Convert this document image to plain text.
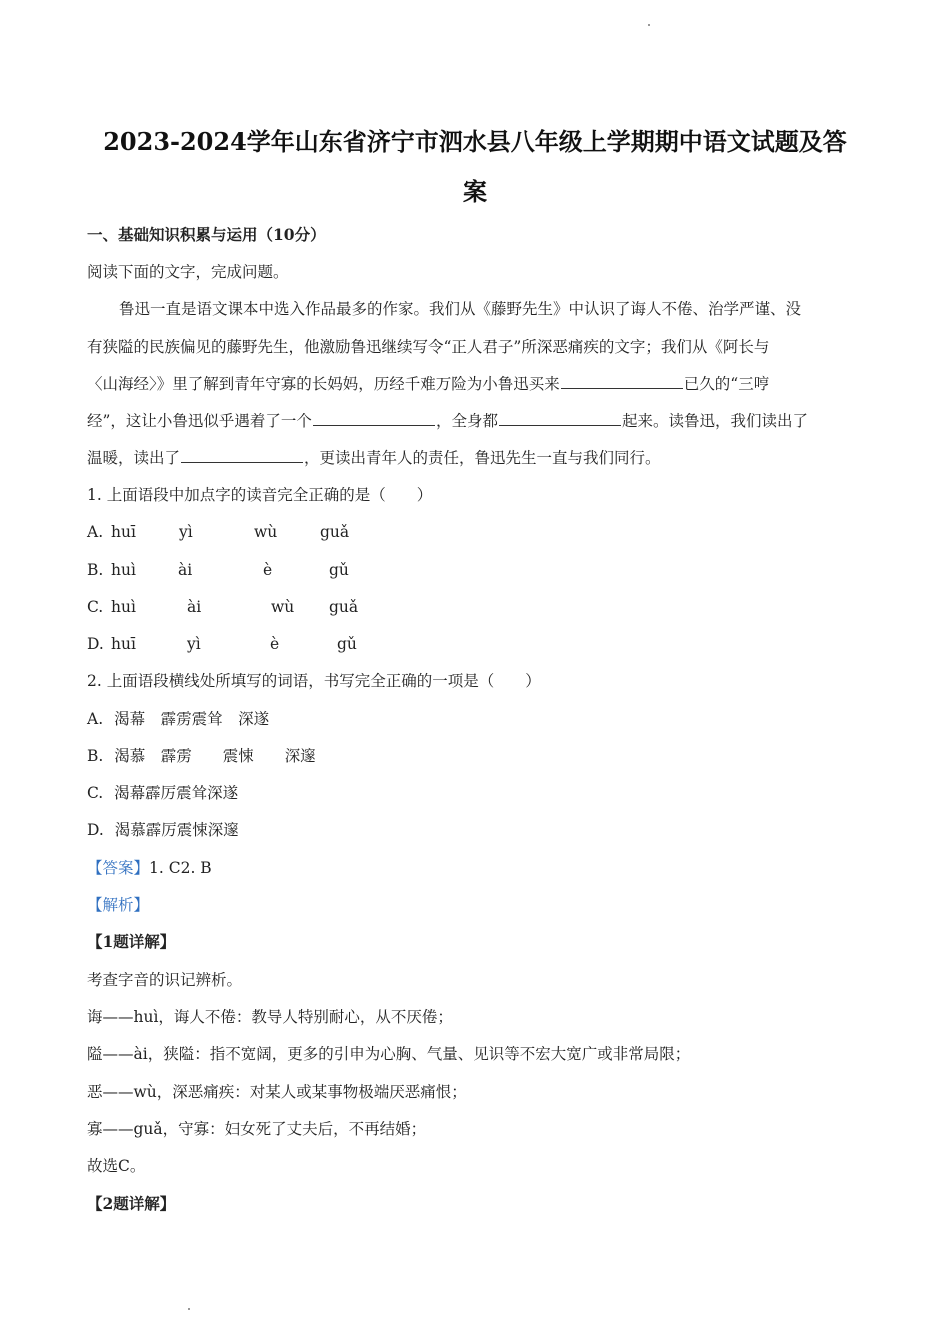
2023-2024学年山东省济宁市泗水县八年级上学期期中语文试题及答
案
一、基础知识积累与运用（10分）
阅读下面的文字，完成问题。
鲁迅一直是语文课本中选入作品最多的作家。我们从《藤野先生》中认识了诲人不倦、治学严谨、没
有狭隘的民族偏见的藤野先生，他激励鲁迅继续写令“正人君子”所深恶痛疾的文字；我们从《阿长与
〈山海经〉》里了解到青年守寡的长妈妈，历经千难万险为小鲁迅买来	已久的“三哼
经”，这让小鲁迅似乎遇着了一个	，全身都	起来。读鲁迅，我们读出了
温暖，读出了	，更读出青年人的责任，鲁迅先生一直与我们同行。
1. 上面语段中加点字的读音完全正确的是（　　）
A. huī	yì	wù	guǎ
B. huì	ài	è	gǔ
C. huì	ài	wù guǎ
D. huī	yì	è	gǔ
2. 上面语段横线处所填写的词语，书写完全正确的一项是（　　）
A. 渴幕　霹雳震耸　深遂
B. 渴慕　霹雳　　震悚　　深邃
C. 渴幕霹厉震耸深遂
D. 渴慕霹厉震悚深邃
【答案】1. C2. B
【解析】
【1题详解】
考查字音的识记辨析。
诲——huì，诲人不倦：教导人特别耐心，从不厌倦；
隘——ài，狭隘：指不宽阔，更多的引申为心胸、气量、见识等不宏大宽广或非常局限；
恶——wù，深恶痛疾：对某人或某事物极端厌恶痛恨；
寡——guǎ，守寡：妇女死了丈夫后，不再结婚；
故选C。
【2题详解】
